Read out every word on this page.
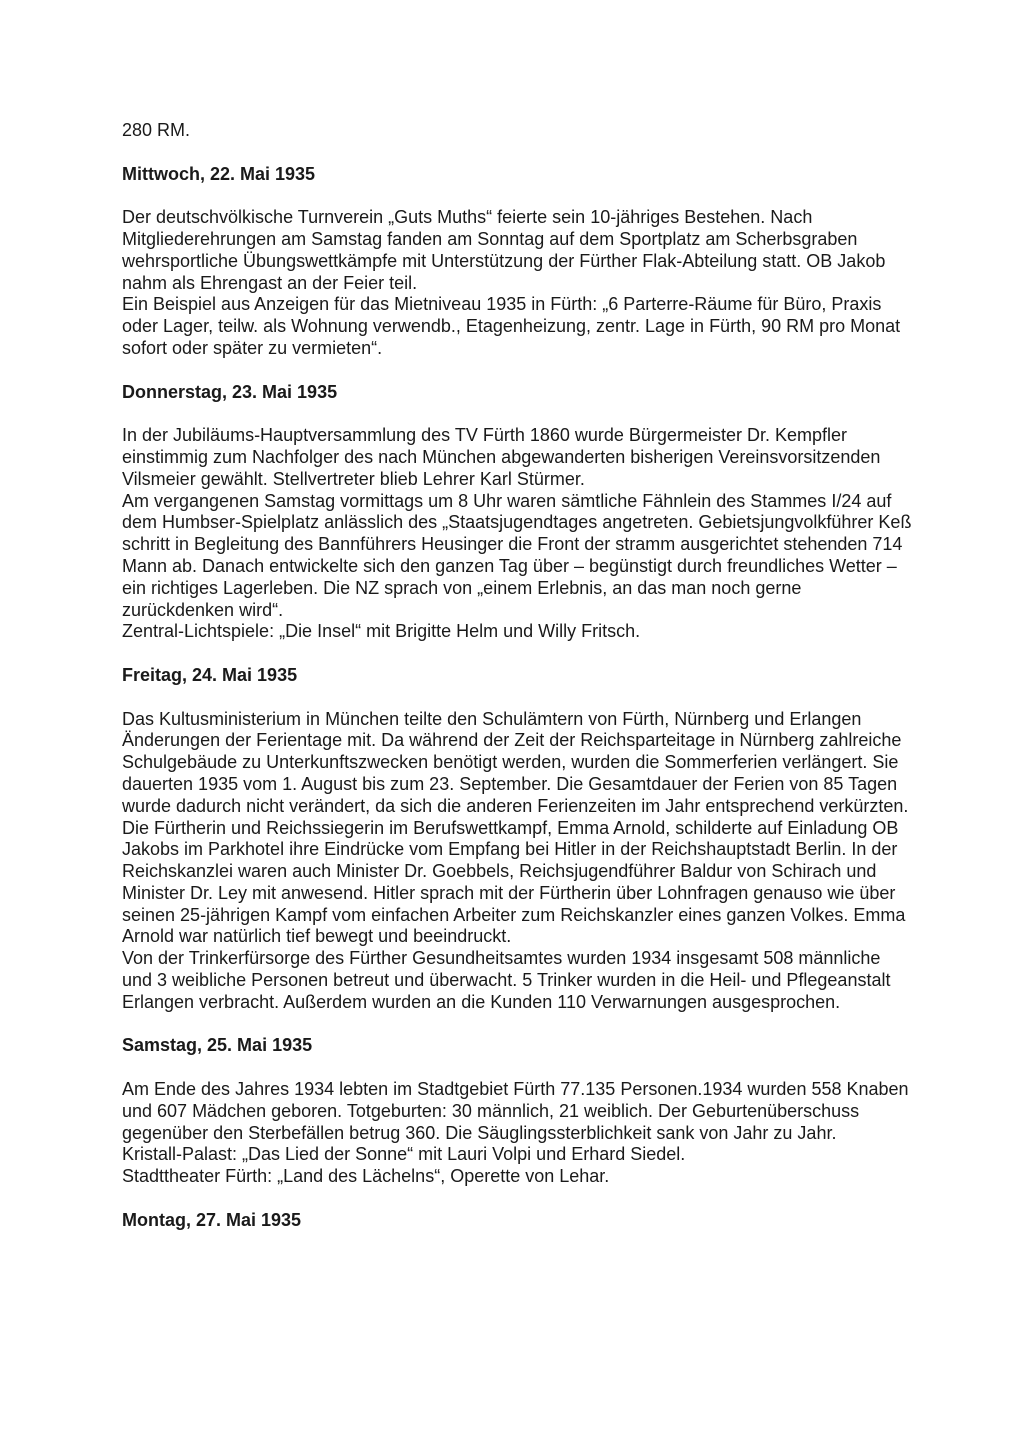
280 RM.

Mittwoch, 22. Mai 1935

Der deutschvölkische Turnverein „Guts Muths“ feierte sein 10-jähriges Bestehen. Nach Mitgliederehrungen am Samstag fanden am Sonntag auf dem Sportplatz am Scherbsgraben wehrsportliche Übungswettkämpfe mit Unterstützung der Fürther Flak-Abteilung statt. OB Jakob nahm als Ehrengast an der Feier teil.

Ein Beispiel aus Anzeigen für das Mietniveau 1935 in Fürth: „6 Parterre-Räume für Büro, Praxis oder Lager, teilw. als Wohnung verwendb., Etagenheizung, zentr. Lage in Fürth, 90 RM pro Monat sofort oder später zu vermieten“.

Donnerstag, 23. Mai 1935

In der Jubiläums-Hauptversammlung des TV Fürth 1860 wurde Bürgermeister Dr. Kempfler einstimmig zum Nachfolger des nach München abgewanderten bisherigen Vereinsvorsitzenden Vilsmeier gewählt. Stellvertreter blieb Lehrer Karl Stürmer.

Am vergangenen Samstag vormittags um 8 Uhr waren sämtliche Fähnlein des Stammes I/24 auf dem Humbser-Spielplatz anlässlich des „Staatsjugendtages angetreten. Gebietsjungvolkführer Keß schritt in Begleitung des Bannführers Heusinger die Front der stramm ausgerichtet stehenden 714 Mann ab. Danach entwickelte sich den ganzen Tag über – begünstigt durch freundliches Wetter – ein richtiges Lagerleben. Die NZ sprach von „einem Erlebnis, an das man noch gerne zurückdenken wird“.

Zentral-Lichtspiele: „Die Insel“ mit Brigitte Helm und Willy Fritsch.

Freitag, 24. Mai 1935

Das Kultusministerium in München teilte den Schulämtern von Fürth, Nürnberg und Erlangen Änderungen der Ferientage mit. Da während der Zeit der Reichsparteitage in Nürnberg zahlreiche Schulgebäude zu Unterkunftszwecken benötigt werden, wurden die Sommerferien verlängert. Sie dauerten 1935 vom 1. August bis zum 23. September. Die Gesamtdauer der Ferien von 85 Tagen wurde dadurch nicht verändert, da sich die anderen Ferienzeiten im Jahr entsprechend verkürzten.

Die Fürtherin und Reichssiegerin im Berufswettkampf, Emma Arnold, schilderte auf Einladung OB Jakobs im Parkhotel ihre Eindrücke vom Empfang bei Hitler in der Reichshauptstadt Berlin. In der Reichskanzlei waren auch Minister Dr. Goebbels, Reichsjugendführer Baldur von Schirach und Minister Dr. Ley mit anwesend. Hitler sprach mit der Fürtherin über Lohnfragen genauso wie über seinen 25-jährigen Kampf vom einfachen Arbeiter zum Reichskanzler eines ganzen Volkes. Emma Arnold war natürlich tief bewegt und beeindruckt.

Von der Trinkerfürsorge des Fürther Gesundheitsamtes wurden 1934 insgesamt 508 männliche und 3 weibliche Personen betreut und überwacht. 5 Trinker wurden in die Heil- und Pflegeanstalt Erlangen verbracht. Außerdem wurden an die Kunden 110 Verwarnungen ausgesprochen.

Samstag, 25. Mai 1935

Am Ende des Jahres 1934 lebten im Stadtgebiet Fürth 77.135 Personen.1934 wurden 558 Knaben und 607 Mädchen geboren. Totgeburten: 30 männlich, 21 weiblich. Der Geburtenüberschuss gegenüber den Sterbefällen betrug 360. Die Säuglingssterblichkeit sank von Jahr zu Jahr.

Kristall-Palast: „Das Lied der Sonne“ mit Lauri Volpi und Erhard Siedel.

Stadttheater Fürth: „Land des Lächelns“, Operette von Lehar.

Montag, 27. Mai 1935
